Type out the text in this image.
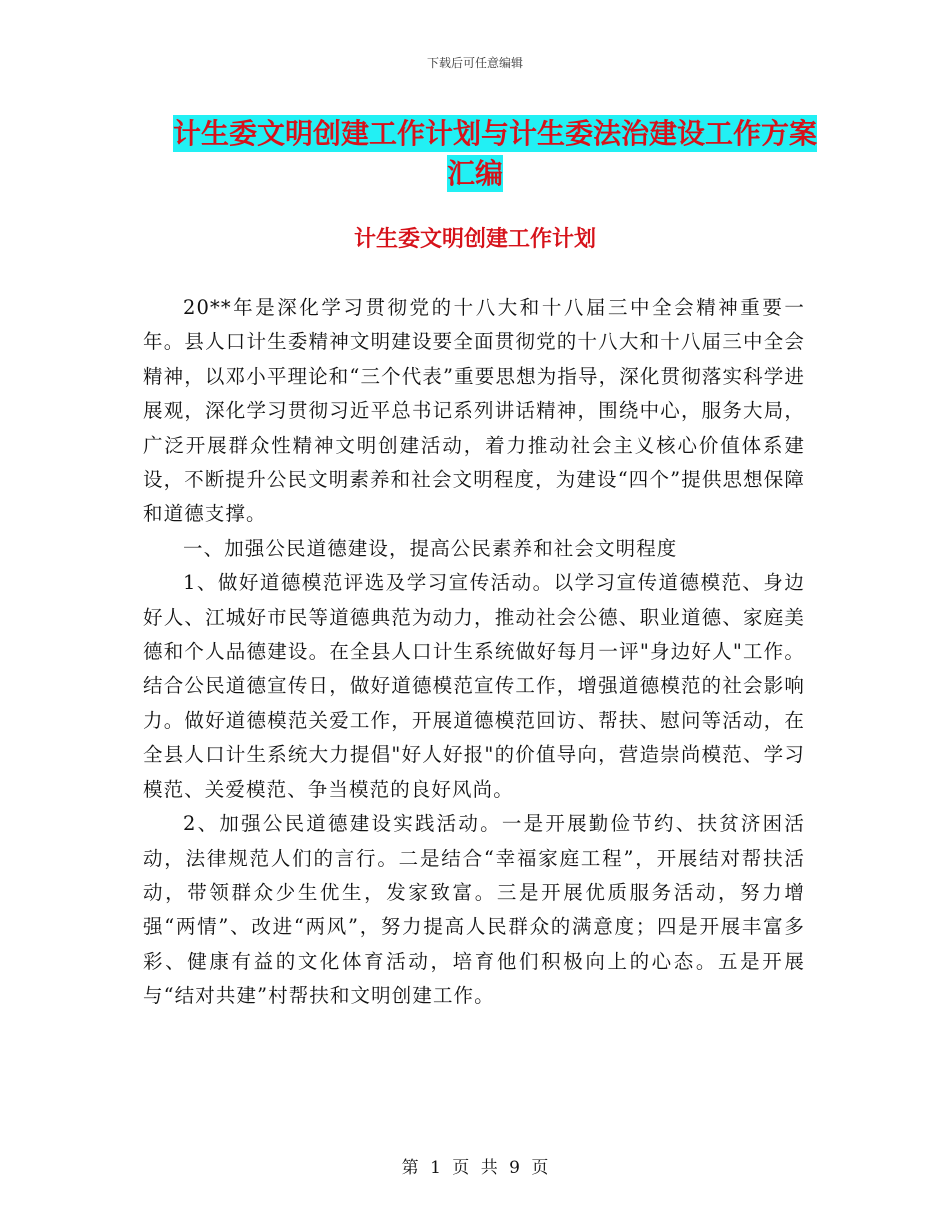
下载后可任意编辑
计生委文明创建工作计划与计生委法治建设工作方案
汇编
计生委文明创建工作计划

20**年是深化学习贯彻党的十八大和十八届三中全会精神重要一年。县人口计生委精神文明建设要全面贯彻党的十八大和十八届三中全会精神，以邓小平理论和“三个代表”重要思想为指导，深化贯彻落实科学进展观，深化学习贯彻习近平总书记系列讲话精神，围绕中心，服务大局，广泛开展群众性精神文明创建活动，着力推动社会主义核心价值体系建设，不断提升公民文明素养和社会文明程度，为建设“四个”提供思想保障和道德支撑。

一、加强公民道德建设，提高公民素养和社会文明程度

1、做好道德模范评选及学习宣传活动。以学习宣传道德模范、身边好人、江城好市民等道德典范为动力，推动社会公德、职业道德、家庭美德和个人品德建设。在全县人口计生系统做好每月一评"身边好人"工作。结合公民道德宣传日，做好道德模范宣传工作，增强道德模范的社会影响力。做好道德模范关爱工作，开展道德模范回访、帮扶、慰问等活动，在全县人口计生系统大力提倡"好人好报"的价值导向，营造崇尚模范、学习模范、关爱模范、争当模范的良好风尚。

2、加强公民道德建设实践活动。一是开展勤俭节约、扶贫济困活动，法律规范人们的言行。二是结合“幸福家庭工程”，开展结对帮扶活动，带领群众少生优生，发家致富。三是开展优质服务活动，努力增强“两情”、改进“两风”，努力提高人民群众的满意度；四是开展丰富多彩、健康有益的文化体育活动，培育他们积极向上的心态。五是开展与“结对共建”村帮扶和文明创建工作。

第 1 页 共 9 页
